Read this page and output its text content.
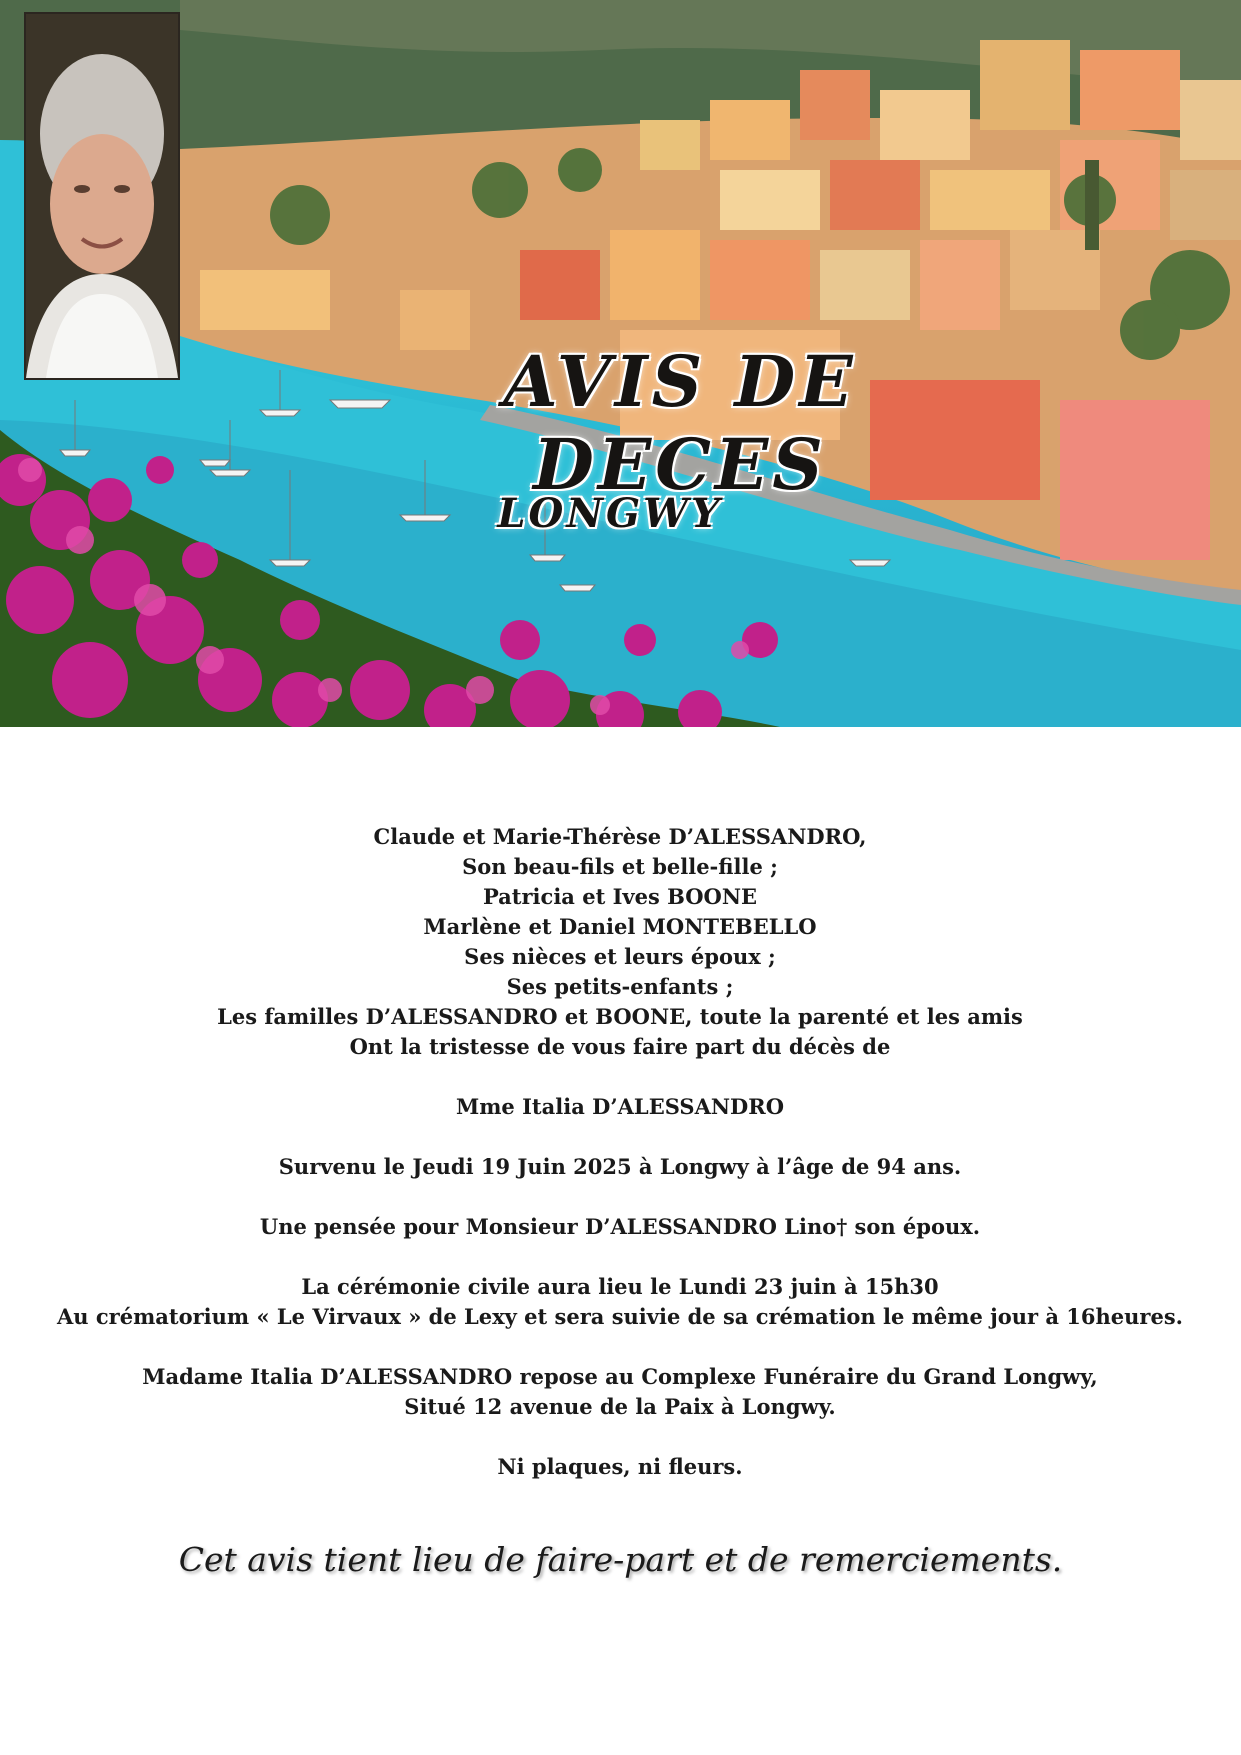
AVIS DE DECES
LONGWY

Claude et Marie-Thérèse D’ALESSANDRO,

Son beau-fils et belle-fille ;

Patricia et Ives BOONE

Marlène et Daniel MONTEBELLO

Ses nièces et leurs époux ;

Ses petits-enfants ;

Les familles D’ALESSANDRO et BOONE, toute la parenté et les amis

Ont la tristesse de vous faire part du décès de

Mme Italia D’ALESSANDRO

Survenu le Jeudi 19 Juin 2025 à Longwy à l’âge de 94 ans.

Une pensée pour Monsieur D’ALESSANDRO Lino† son époux.

La cérémonie civile aura lieu le Lundi 23 juin à 15h30

Au crématorium « Le Virvaux » de Lexy et sera suivie de sa crémation le même jour à 16heures.

Madame Italia D’ALESSANDRO repose au Complexe Funéraire du Grand Longwy,

Situé 12 avenue de la Paix à Longwy.

Ni plaques, ni fleurs.

Cet avis tient lieu de faire-part et de remerciements.
